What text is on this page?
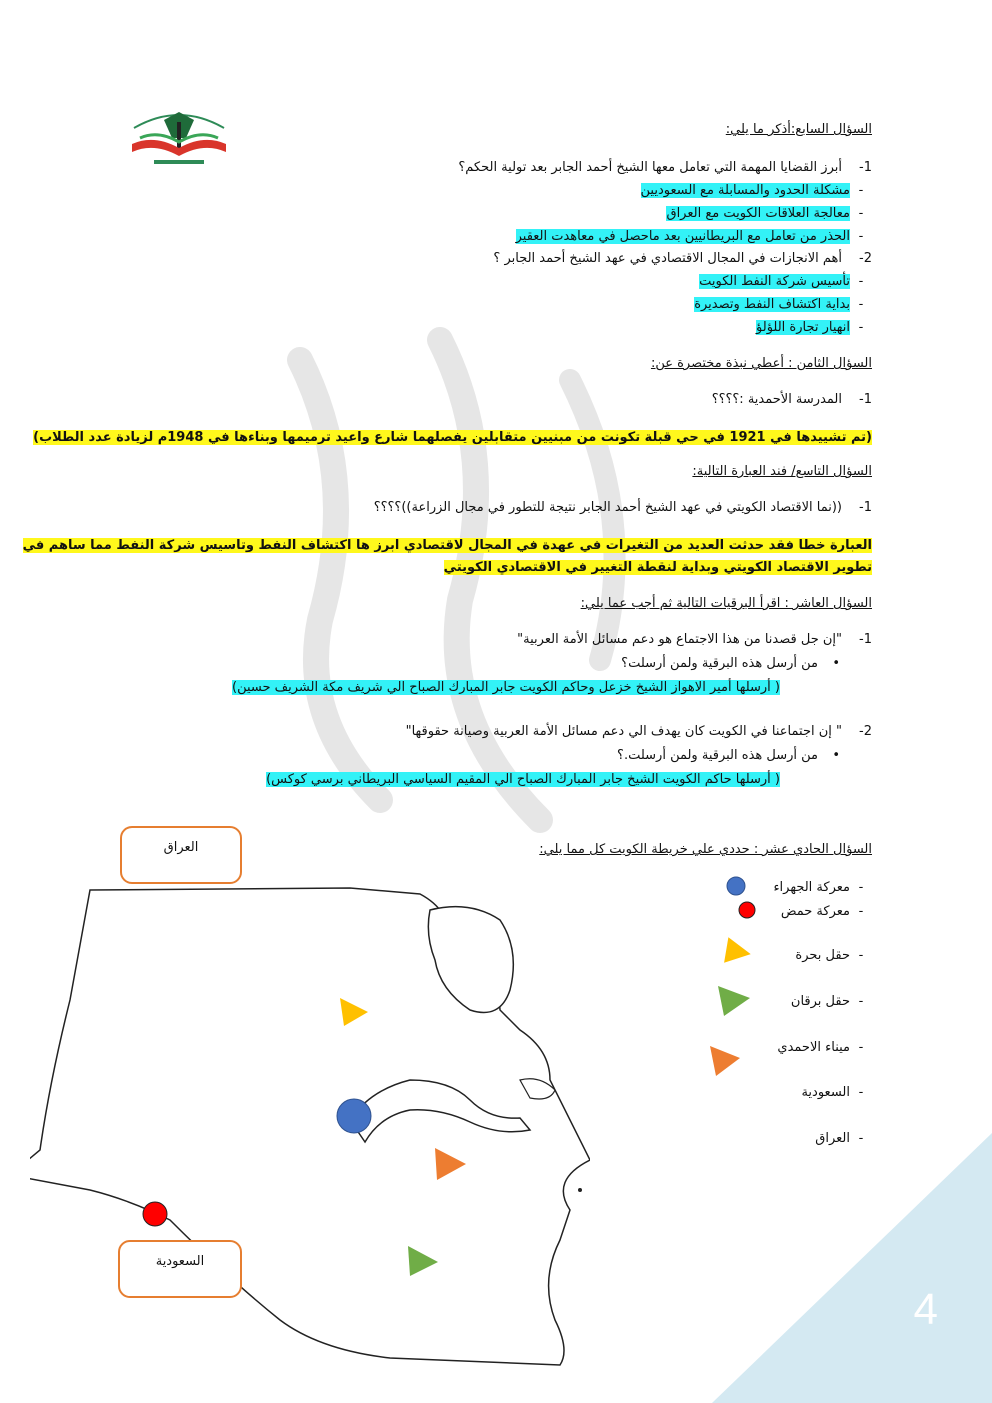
السؤال السابع:أذكر ما يلي:
1-أبرز القضايا المهمة التي تعامل معها الشيخ أحمد الجابر بعد تولية الحكم؟
-مشكلة الحدود والمسابلة مع السعوديين
-معالجة العلاقات الكويت مع العراق
-الحذر من تعامل مع البريطانيين بعد ماحصل في معاهدت العقير
2-أهم الانجازات في المجال الاقتصادي في عهد الشيخ أحمد الجابر ؟
-تأسيس شركة النفط الكويت
-بداية اكتشاف النفط وتصديرة
-انهيار تجارة اللؤلؤ
السؤال الثامن : أعطي نبذة مختصرة عن:
1-المدرسة الأحمدية :؟؟؟؟
(تم تشييدها في 1921 في حي قبلة تكونت من مبنيين متقابلين يفصلهما شارع واعيد ترميمها وبناءها في 1948م لزيادة عدد الطلاب)
السؤال التاسع/ فند العبارة التالية:
1-((نما الاقتصاد الكويتي في عهد الشيخ أحمد الجابر نتيجة للتطور في مجال الزراعة))؟؟؟؟
العبارة خطا فقد حدثت العديد من التغيرات في عهدة في المجال لاقتصادي ابرز ها اكتشاف النفط وتاسيس شركة النفط مما ساهم في
تطوير الاقتصاد الكويتي وبداية لنقطة التغيير في الاقتصادي الكويتي
السؤال العاشر : اقرأ البرقيات التالية ثم أجب عما يلي:
1-"إن جل قصدنا من هذا الاجتماع هو دعم مسائل الأمة العربية"
•من أرسل هذه البرقية ولمن أرسلت؟
( أرسلها أمير الاهواز الشيخ خزعل وحاكم الكويت جابر المبارك الصباح الي شريف مكة الشريف حسين)
2-" إن اجتماعنا في الكويت كان يهدف الي دعم مسائل الأمة العربية وصيانة حقوقها"
•من أرسل هذه البرقية ولمن أرسلت.؟
( أرسلها حاكم الكويت الشيخ جابر المبارك الصباح الي المقيم السياسي البريطاني برسي كوكس)
السؤال الحادي عشر : حددي علي خريطة الكويت كل مما يلي:
-معركة الجهراء
-معركة حمض
-حقل بحرة
-حقل برقان
-ميناء الاحمدي
-السعودية
-العراق
العراق
السعودية
4
